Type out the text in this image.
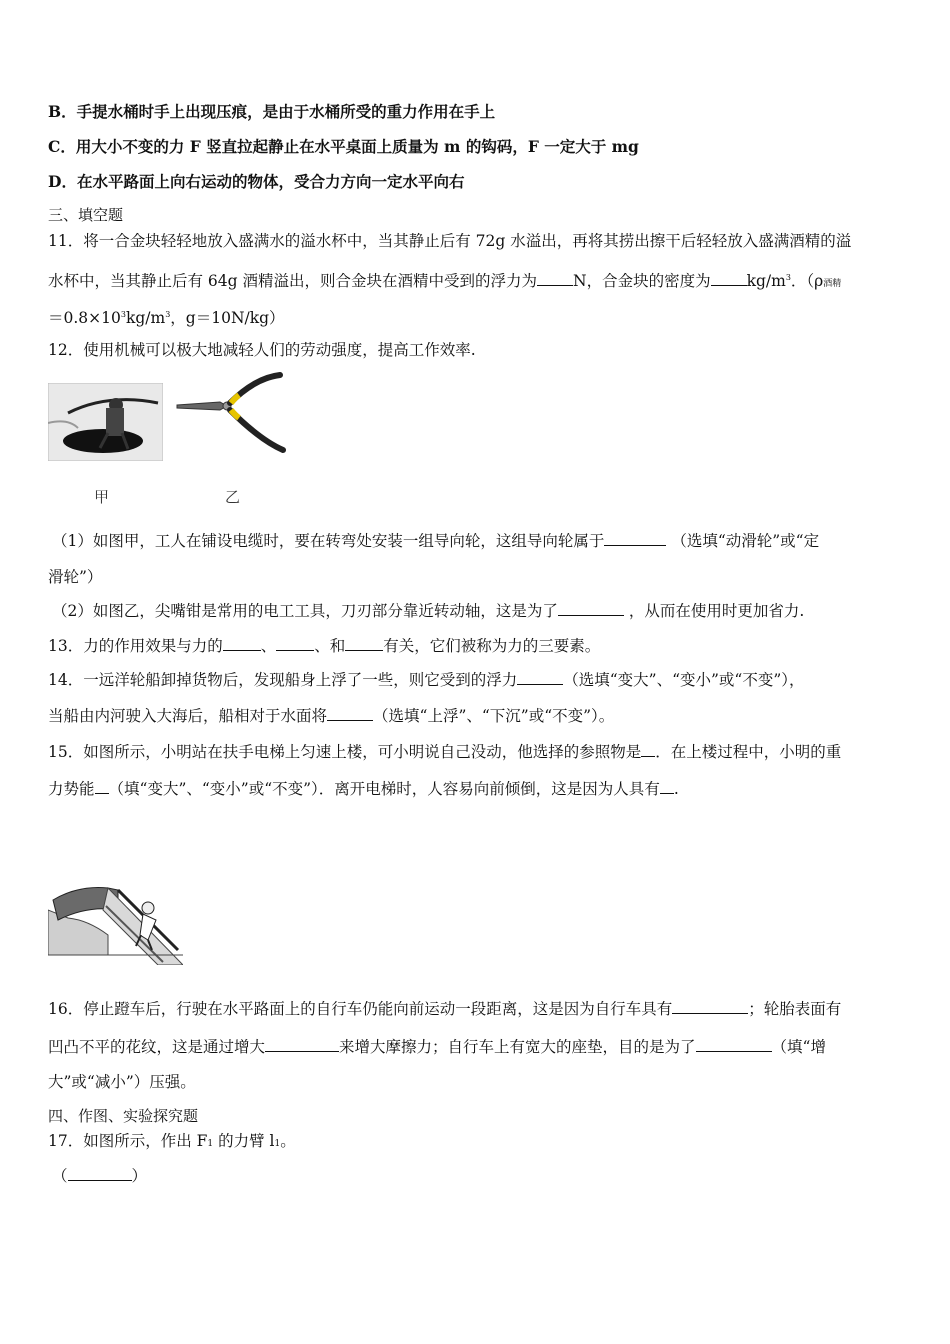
B．手提水桶时手上出现压痕，是由于水桶所受的重力作用在手上
C．用大小不变的力 F 竖直拉起静止在水平桌面上质量为 m 的钩码，F 一定大于 mg
D．在水平路面上向右运动的物体，受合力方向一定水平向右
三、填空题
11．将一合金块轻轻地放入盛满水的溢水杯中，当其静止后有 72g 水溢出，再将其捞出擦干后轻轻放入盛满酒精的溢
水杯中，当其静止后有 64g 酒精溢出，则合金块在酒精中受到的浮力为 N，合金块的密度为 $kg/m^3$．（ρ酒精
$=0.8\times 10^3kg/m^3$，g＝10N/kg）
12．使用机械可以极大地减轻人们的劳动强度，提高工作效率.
甲	乙
（1）如图甲，工人在铺设电缆时，要在转弯处安装一组导向轮，这组导向轮属于	（选填“动滑轮”或“定
滑轮”）
（2）如图乙，尖嘴钳是常用的电工工具，刀刃部分靠近转动轴，这是为了	，从而在使用时更加省力.
13．力的作用效果与力的 、 、和 有关，它们被称为力的三要素。
14．一远洋轮船卸掉货物后，发现船身上浮了一些，则它受到的浮力	（选填“变大”、“变小”或“不变”），
当船由内河驶入大海后，船相对于水面将	（选填“上浮”、“下沉”或“不变”）。
15．如图所示，小明站在扶手电梯上匀速上楼，可小明说自己没动，他选择的参照物是 ．在上楼过程中，小明的重
力势能 （填“变大”、“变小”或“不变”）．离开电梯时，人容易向前倾倒，这是因为人具有 .
16．停止蹬车后，行驶在水平路面上的自行车仍能向前运动一段距离，这是因为自行车具有	；轮胎表面有
凹凸不平的花纹，这是通过增大	来增大摩擦力；自行车上有宽大的座垫，目的是为了	（填“增
大”或“减小”）压强。
四、作图、实验探究题
17．如图所示，作出 F1 的力臂 l1。
（	）
